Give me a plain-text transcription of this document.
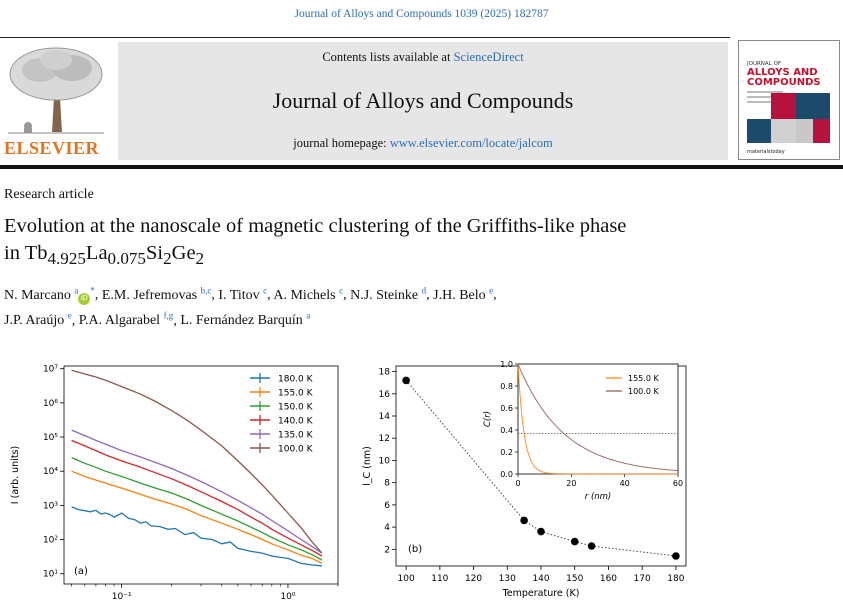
Journal of Alloys and Compounds 1039 (2025) 182787
ELSEVIER
Contents lists available at ScienceDirect
Journal of Alloys and Compounds
journal homepage: www.elsevier.com/locate/jalcom
JOURNAL OF
ALLOYS AND
COMPOUNDS
materialstoday
Research article
Evolution at the nanoscale of magnetic clustering of the Griffiths-like phase
in $Tb_{4.925}La_{0.075}Si_2Ge_2$
N. Marcano $^a$iD*, E.M. Jefremovas $^{b,c}$, I. Titov $^c$, A. Michels $^c$, N.J. Steinke $^d$, J.H. Belo $^e$,
J.P. Araújo $^e$, P.A. Algarabel $^{f,g}$, L. Fernández Barquín $^a$
10⁻¹	10⁰
10¹
10²
10³
10⁴
10⁵
10⁶
10⁷
I (arb. units)
(a)
180.0 K
155.0 K
150.0 K
140.0 K
135.0 K
100.0 K
100 110 120 130 140 150 160 170 180
2
4
6
8
10
12
14
16
18
Temperature (K)
l_C (nm)
(b)
0	20	40	60
0.0
0.2
0.4
0.6
0.8
1.0
r (nm)
C(r)
155.0 K
100.0 K
